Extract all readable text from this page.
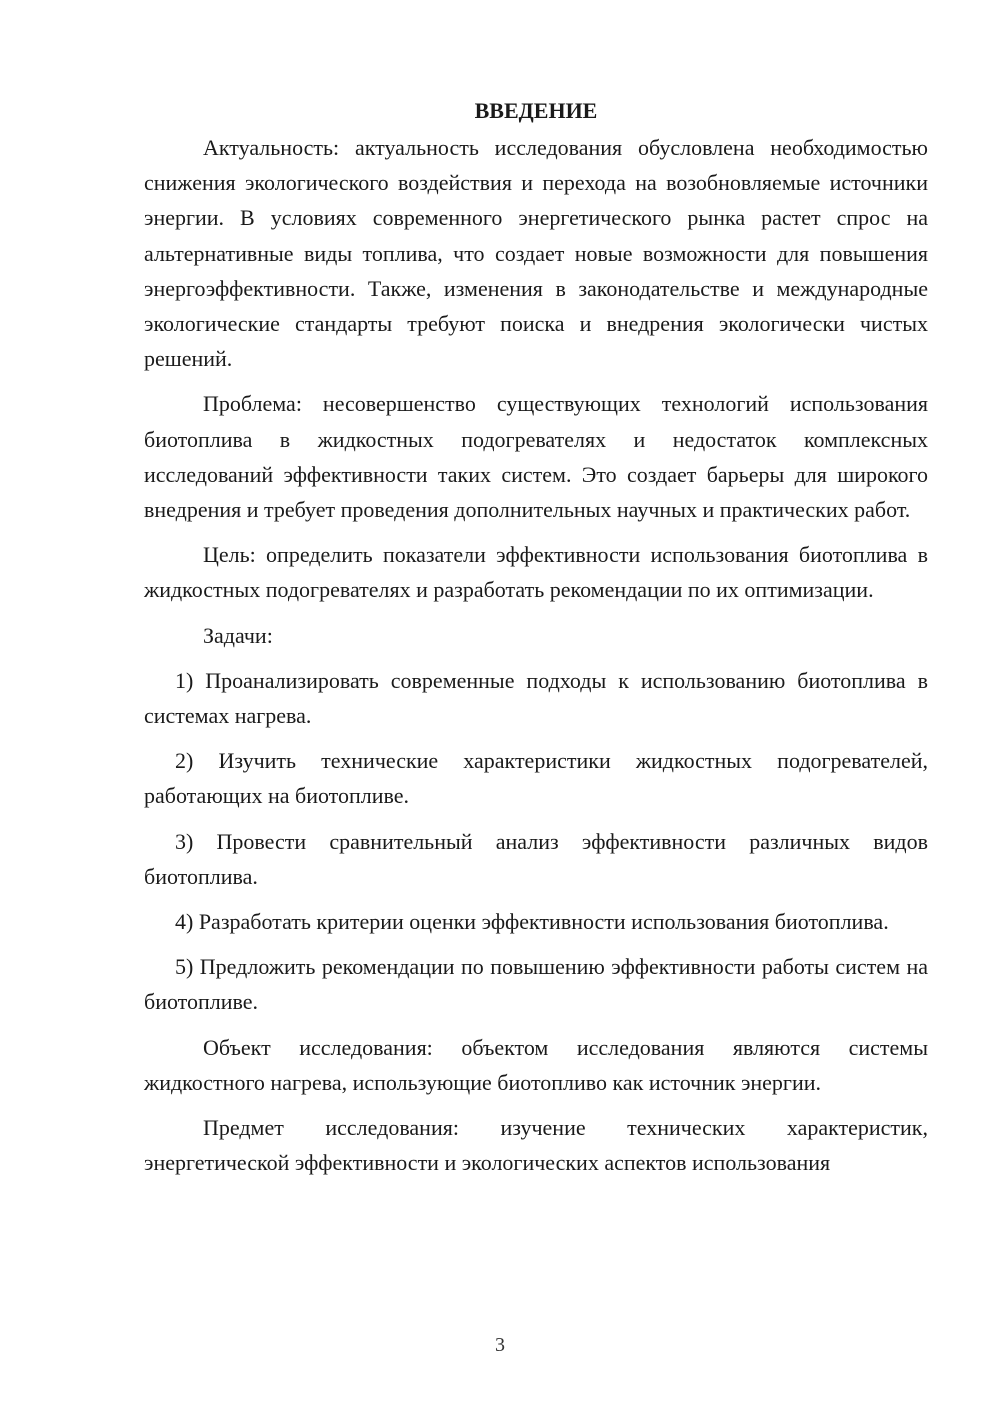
ВВЕДЕНИЕ

Актуальность: актуальность исследования обусловлена необходимостью снижения экологического воздействия и перехода на возобновляемые источники энергии. В условиях современного энергетического рынка растет спрос на альтернативные виды топлива, что создает новые возможности для повышения энергоэффективности. Также, изменения в законодательстве и международные экологические стандарты требуют поиска и внедрения экологически чистых решений.

Проблема: несовершенство существующих технологий использования биотоплива в жидкостных подогревателях и недостаток комплексных исследований эффективности таких систем. Это создает барьеры для широкого внедрения и требует проведения дополнительных научных и практических работ.

Цель: определить показатели эффективности использования биотоплива в жидкостных подогревателях и разработать рекомендации по их оптимизации.

Задачи:

1) Проанализировать современные подходы к использованию биотоплива в системах нагрева.

2) Изучить технические характеристики жидкостных подогревателей, работающих на биотопливе.

3) Провести сравнительный анализ эффективности различных видов биотоплива.

4) Разработать критерии оценки эффективности использования биотоплива.

5) Предложить рекомендации по повышению эффективности работы систем на биотопливе.

Объект исследования: объектом исследования являются системы жидкостного нагрева, использующие биотопливо как источник энергии.

Предмет исследования: изучение технических характеристик, энергетической эффективности и экологических аспектов использования

3
